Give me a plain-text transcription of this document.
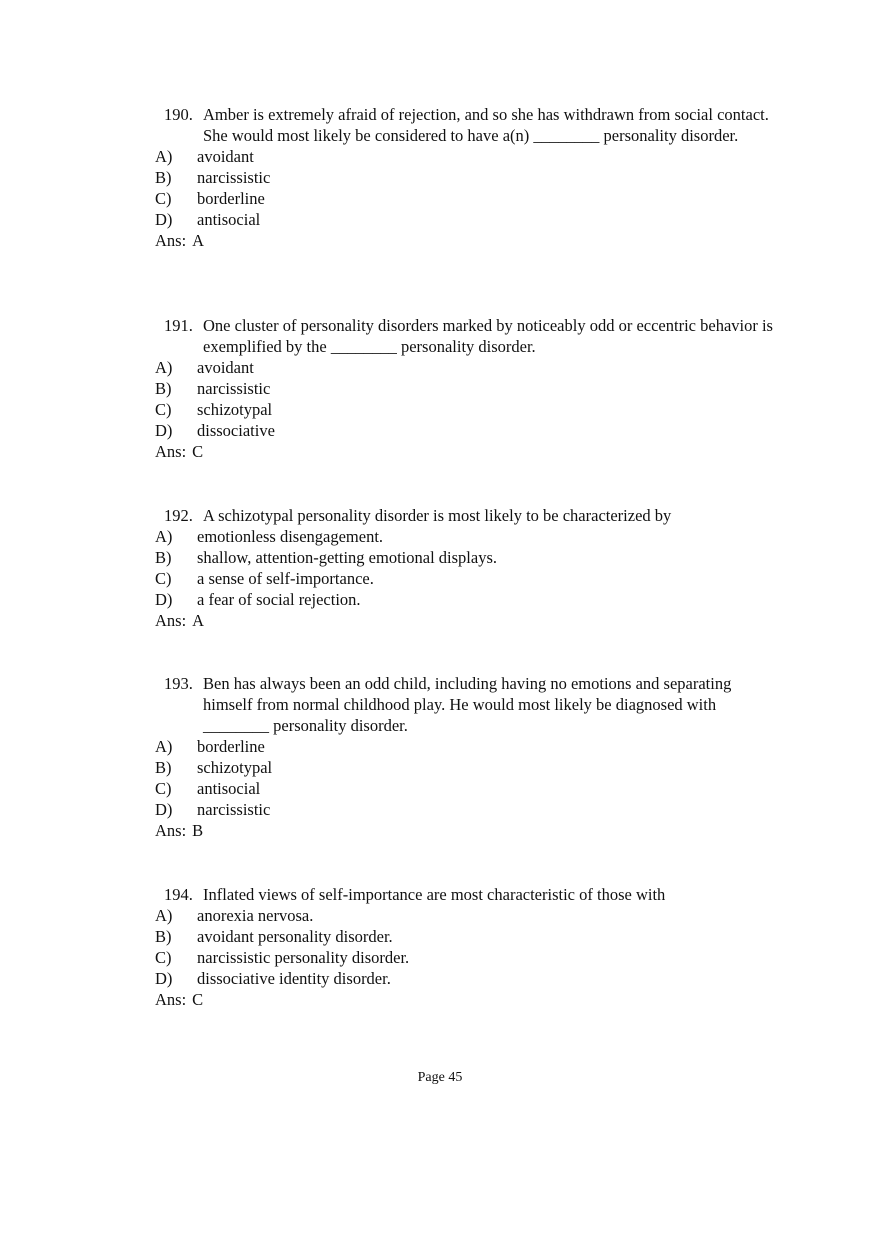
190. Amber is extremely afraid of rejection, and so she has withdrawn from social contact. She would most likely be considered to have a(n) ________ personality disorder.
A)	avoidant
B)	narcissistic
C)	borderline
D)	antisocial
Ans: A
191. One cluster of personality disorders marked by noticeably odd or eccentric behavior is exemplified by the ________ personality disorder.
A)	avoidant
B)	narcissistic
C)	schizotypal
D)	dissociative
Ans: C
192. A schizotypal personality disorder is most likely to be characterized by
A)	emotionless disengagement.
B)	shallow, attention-getting emotional displays.
C)	a sense of self-importance.
D)	a fear of social rejection.
Ans: A
193. Ben has always been an odd child, including having no emotions and separating himself from normal childhood play. He would most likely be diagnosed with ________ personality disorder.
A)	borderline
B)	schizotypal
C)	antisocial
D)	narcissistic
Ans: B
194. Inflated views of self-importance are most characteristic of those with
A)	anorexia nervosa.
B)	avoidant personality disorder.
C)	narcissistic personality disorder.
D)	dissociative identity disorder.
Ans: C
Page 45
